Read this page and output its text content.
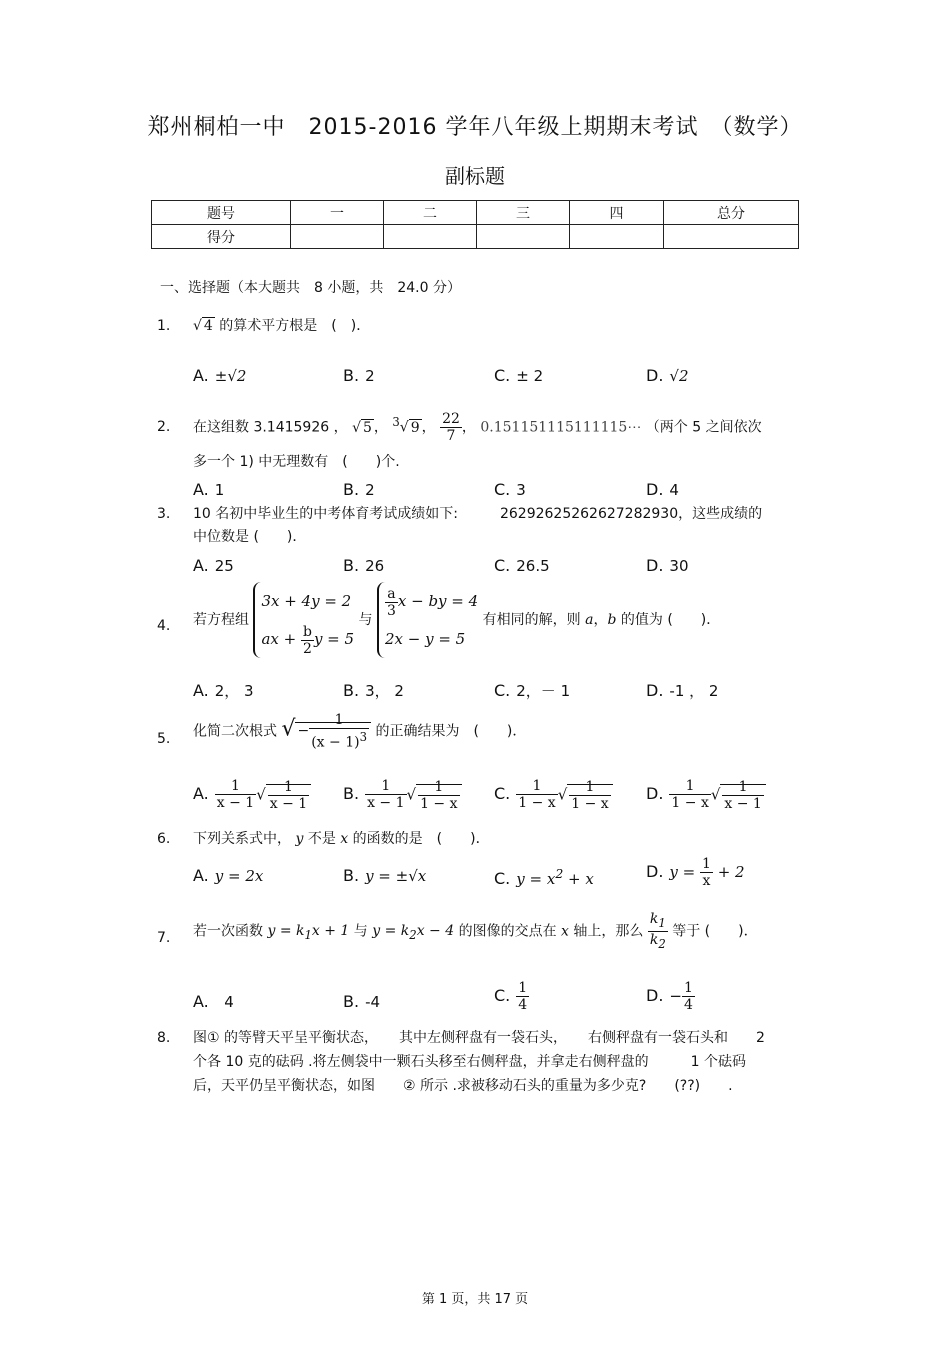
郑州桐柏一中　2015-2016 学年八年级上期期末考试　（数学）
副标题
题号	一	二	三	四	总分
得分					
一、选择题（本大题共　8 小题，共　24.0 分）
1. √ 4 的算术平方根是　(　)．
A. ±√2	B. 2	C. ± 2	D. √2
2. 在这组数 3.1415926 ， √ 5 ， $^3$√ 9 ， $\frac{22}{7}$ ， 0.151151115111115⋯ （两个 5 之间依次
多一个 1) 中无理数有　(　　)个.
A. 1	B. 2	C. 3	D. 4
3. 10 名初中毕业生的中考体育考试成绩如下:　　　26292625262627282930，这些成绩的
中位数是 (　　)．
A. 25	B. 26	C. 26.5	D. 30
4. 若方程组 3x + 4y = 2
ax + $\frac{b}{2}$ y = 5 与
$\frac{a}{3}$ x − by = 4
2x − y = 5 有相同的解，则 a，b 的值为 (　　)．
A. 2， 3	B. 3， 2	C. 2，－ 1	D. -1 ， 2
5. 化简二次根式 √ − $\frac{1}{(x - 1)^3}$ 的正确结果为　(　　)．
A. $\frac{1}{x - 1}$ √ $\frac{1}{x - 1} B$. $\frac{1}{x - 1}$ √ $\frac{1}{1 - x} C$. $\frac{1}{1 - x}$ √ $\frac{1}{1 - x} D$. $\frac{1}{1 - x}$ √ $\frac{1}{x - 1}$
6. 下列关系式中， y 不是 x 的函数的是　(　　)．
A. y = 2x	B. y = ±√x	C. $y = x^2 + x$	D. $y = \frac{1}{x} + 2$
7. 若一次函数 $y = k_1x + 1$ 与 $y = k_2x - 4$ 的图像的交点在 x 轴上，那么 $\frac{k_1}{k_2}$ 等于 (　　)．
A. 4	B. -4	C. $\frac{1}{4}$	D. − $\frac{1}{4}$
8. 图① 的等臂天平呈平衡状态，　　其中左侧秤盘有一袋石头，　　右侧秤盘有一袋石头和　　2
个各 10 克的砝码 .将左侧袋中一颗石头移至右侧秤盘，并拿走右侧秤盘的　　　1 个砝码
后，天平仍呈平衡状态，如图　　② 所示 .求被移动石头的重量为多少克?　　(??)　　.
第 1 页，共 17 页
